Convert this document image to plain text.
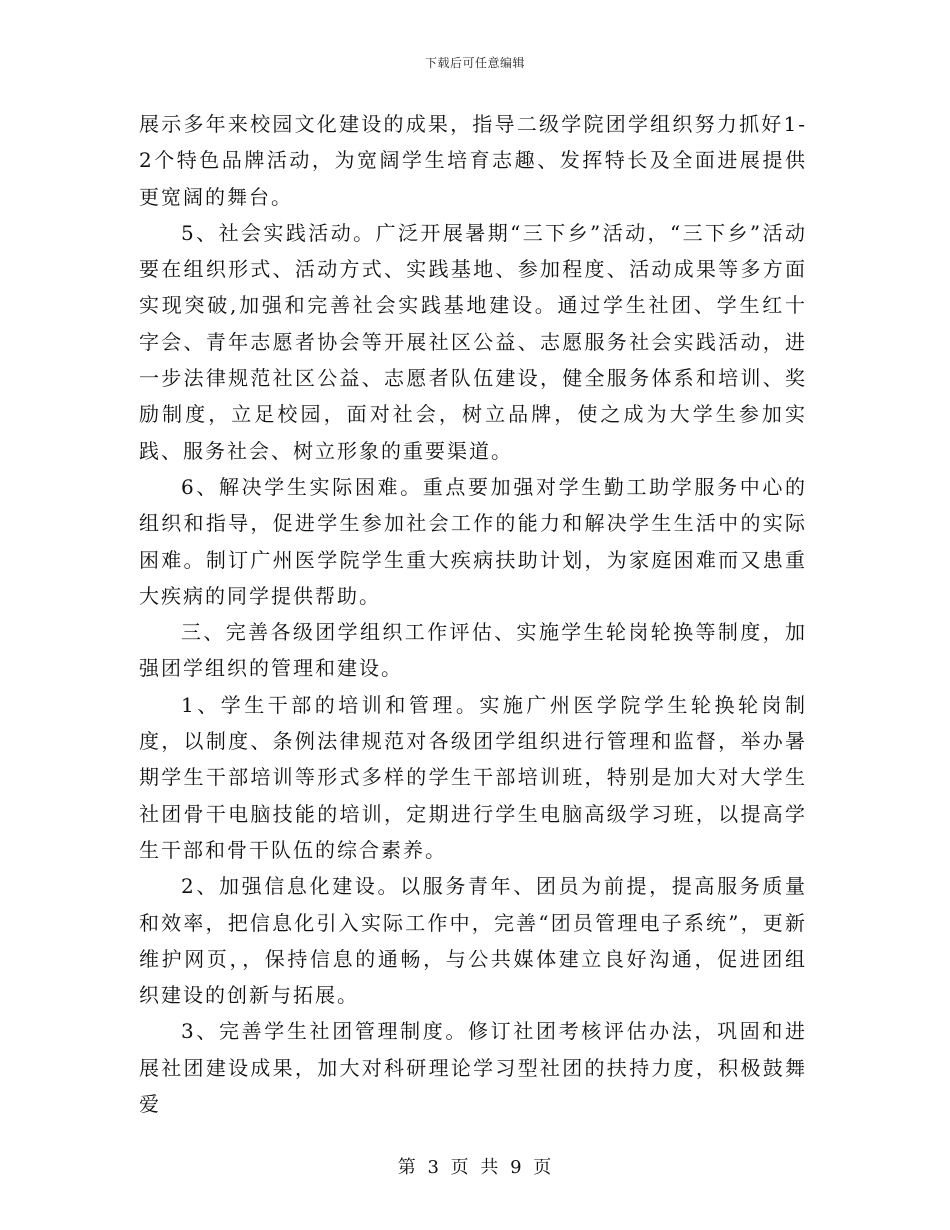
下载后可任意编辑

展示多年来校园文化建设的成果，指导二级学院团学组织努力抓好1-2个特色品牌活动，为宽阔学生培育志趣、发挥特长及全面进展提供更宽阔的舞台。

5、社会实践活动。广泛开展暑期“三下乡”活动，“三下乡”活动要在组织形式、活动方式、实践基地、参加程度、活动成果等多方面实现突破,加强和完善社会实践基地建设。通过学生社团、学生红十字会、青年志愿者协会等开展社区公益、志愿服务社会实践活动，进一步法律规范社区公益、志愿者队伍建设，健全服务体系和培训、奖励制度，立足校园，面对社会，树立品牌，使之成为大学生参加实践、服务社会、树立形象的重要渠道。

6、解决学生实际困难。重点要加强对学生勤工助学服务中心的组织和指导，促进学生参加社会工作的能力和解决学生生活中的实际困难。制订广州医学院学生重大疾病扶助计划，为家庭困难而又患重大疾病的同学提供帮助。

三、完善各级团学组织工作评估、实施学生轮岗轮换等制度，加强团学组织的管理和建设。

1、学生干部的培训和管理。实施广州医学院学生轮换轮岗制度，以制度、条例法律规范对各级团学组织进行管理和监督，举办暑期学生干部培训等形式多样的学生干部培训班，特别是加大对大学生社团骨干电脑技能的培训，定期进行学生电脑高级学习班，以提高学生干部和骨干队伍的综合素养。

2、加强信息化建设。以服务青年、团员为前提，提高服务质量和效率，把信息化引入实际工作中，完善“团员管理电子系统”，更新维护网页，，保持信息的通畅，与公共媒体建立良好沟通，促进团组织建设的创新与拓展。

3、完善学生社团管理制度。修订社团考核评估办法，巩固和进展社团建设成果，加大对科研理论学习型社团的扶持力度，积极鼓舞爱

第 3 页 共 9 页
